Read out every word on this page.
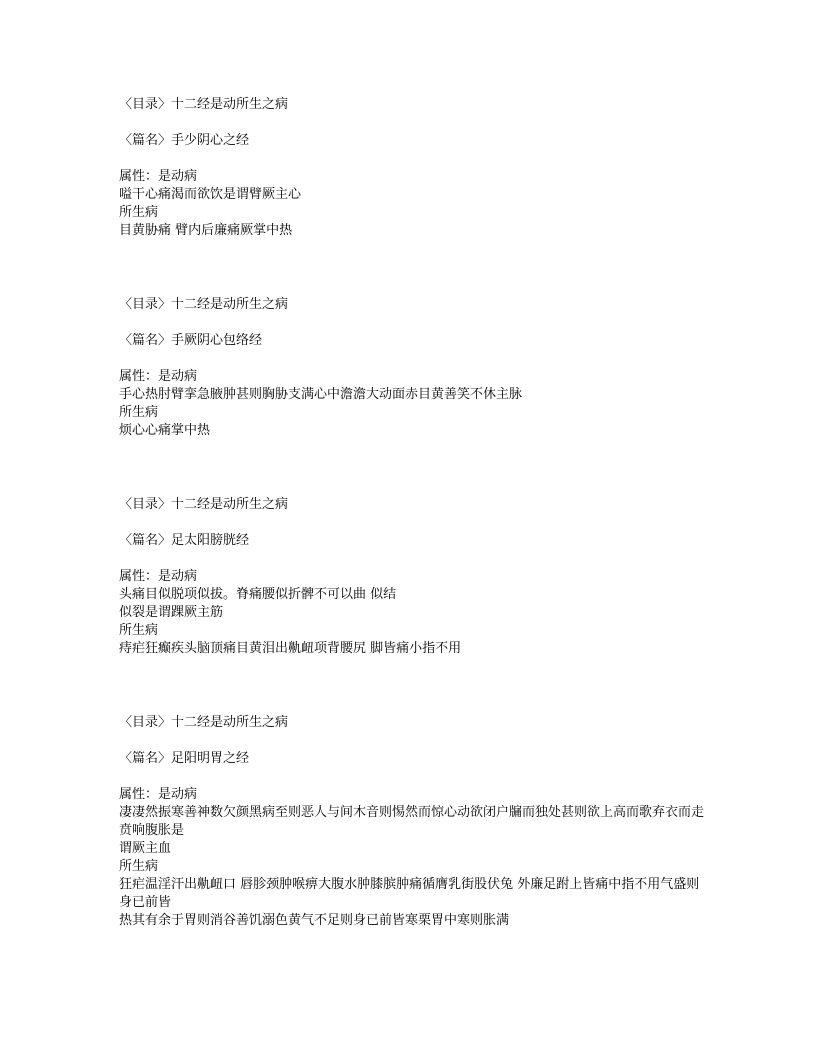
〈目录〉十二经是动所生之病
〈篇名〉手少阴心之经
属性：是动病
嗌干心痛渴而欲饮是谓臂厥主心
所生病
目黄胁痛 臂内后廉痛厥掌中热
〈目录〉十二经是动所生之病
〈篇名〉手厥阴心包络经
属性：是动病
手心热肘臂挛急腋肿甚则胸胁支满心中澹澹大动面赤目黄善笑不休主脉
所生病
烦心心痛掌中热
〈目录〉十二经是动所生之病
〈篇名〉足太阳膀胱经
属性：是动病
头痛目似脱项似拔。脊痛腰似折髀不可以曲 似结
似裂是谓踝厥主筋
所生病
痔疟狂癫疾头脑顶痛目黄泪出鼽衄项背腰尻 脚皆痛小指不用
〈目录〉十二经是动所生之病
〈篇名〉足阳明胃之经
属性：是动病
凄凄然振寒善神数欠颜黑病至则恶人与间木音则惕然而惊心动欲闭户牖而独处甚则欲上高而歌弃衣而走贲响腹胀是
谓厥主血
所生病
狂疟温淫汗出鼽衄口 唇胗颈肿喉痹大腹水肿膝膑肿痛循膺乳街股伏兔 外廉足跗上皆痛中指不用气盛则身已前皆
热其有余于胃则消谷善饥溺色黄气不足则身已前皆寒栗胃中寒则胀满
